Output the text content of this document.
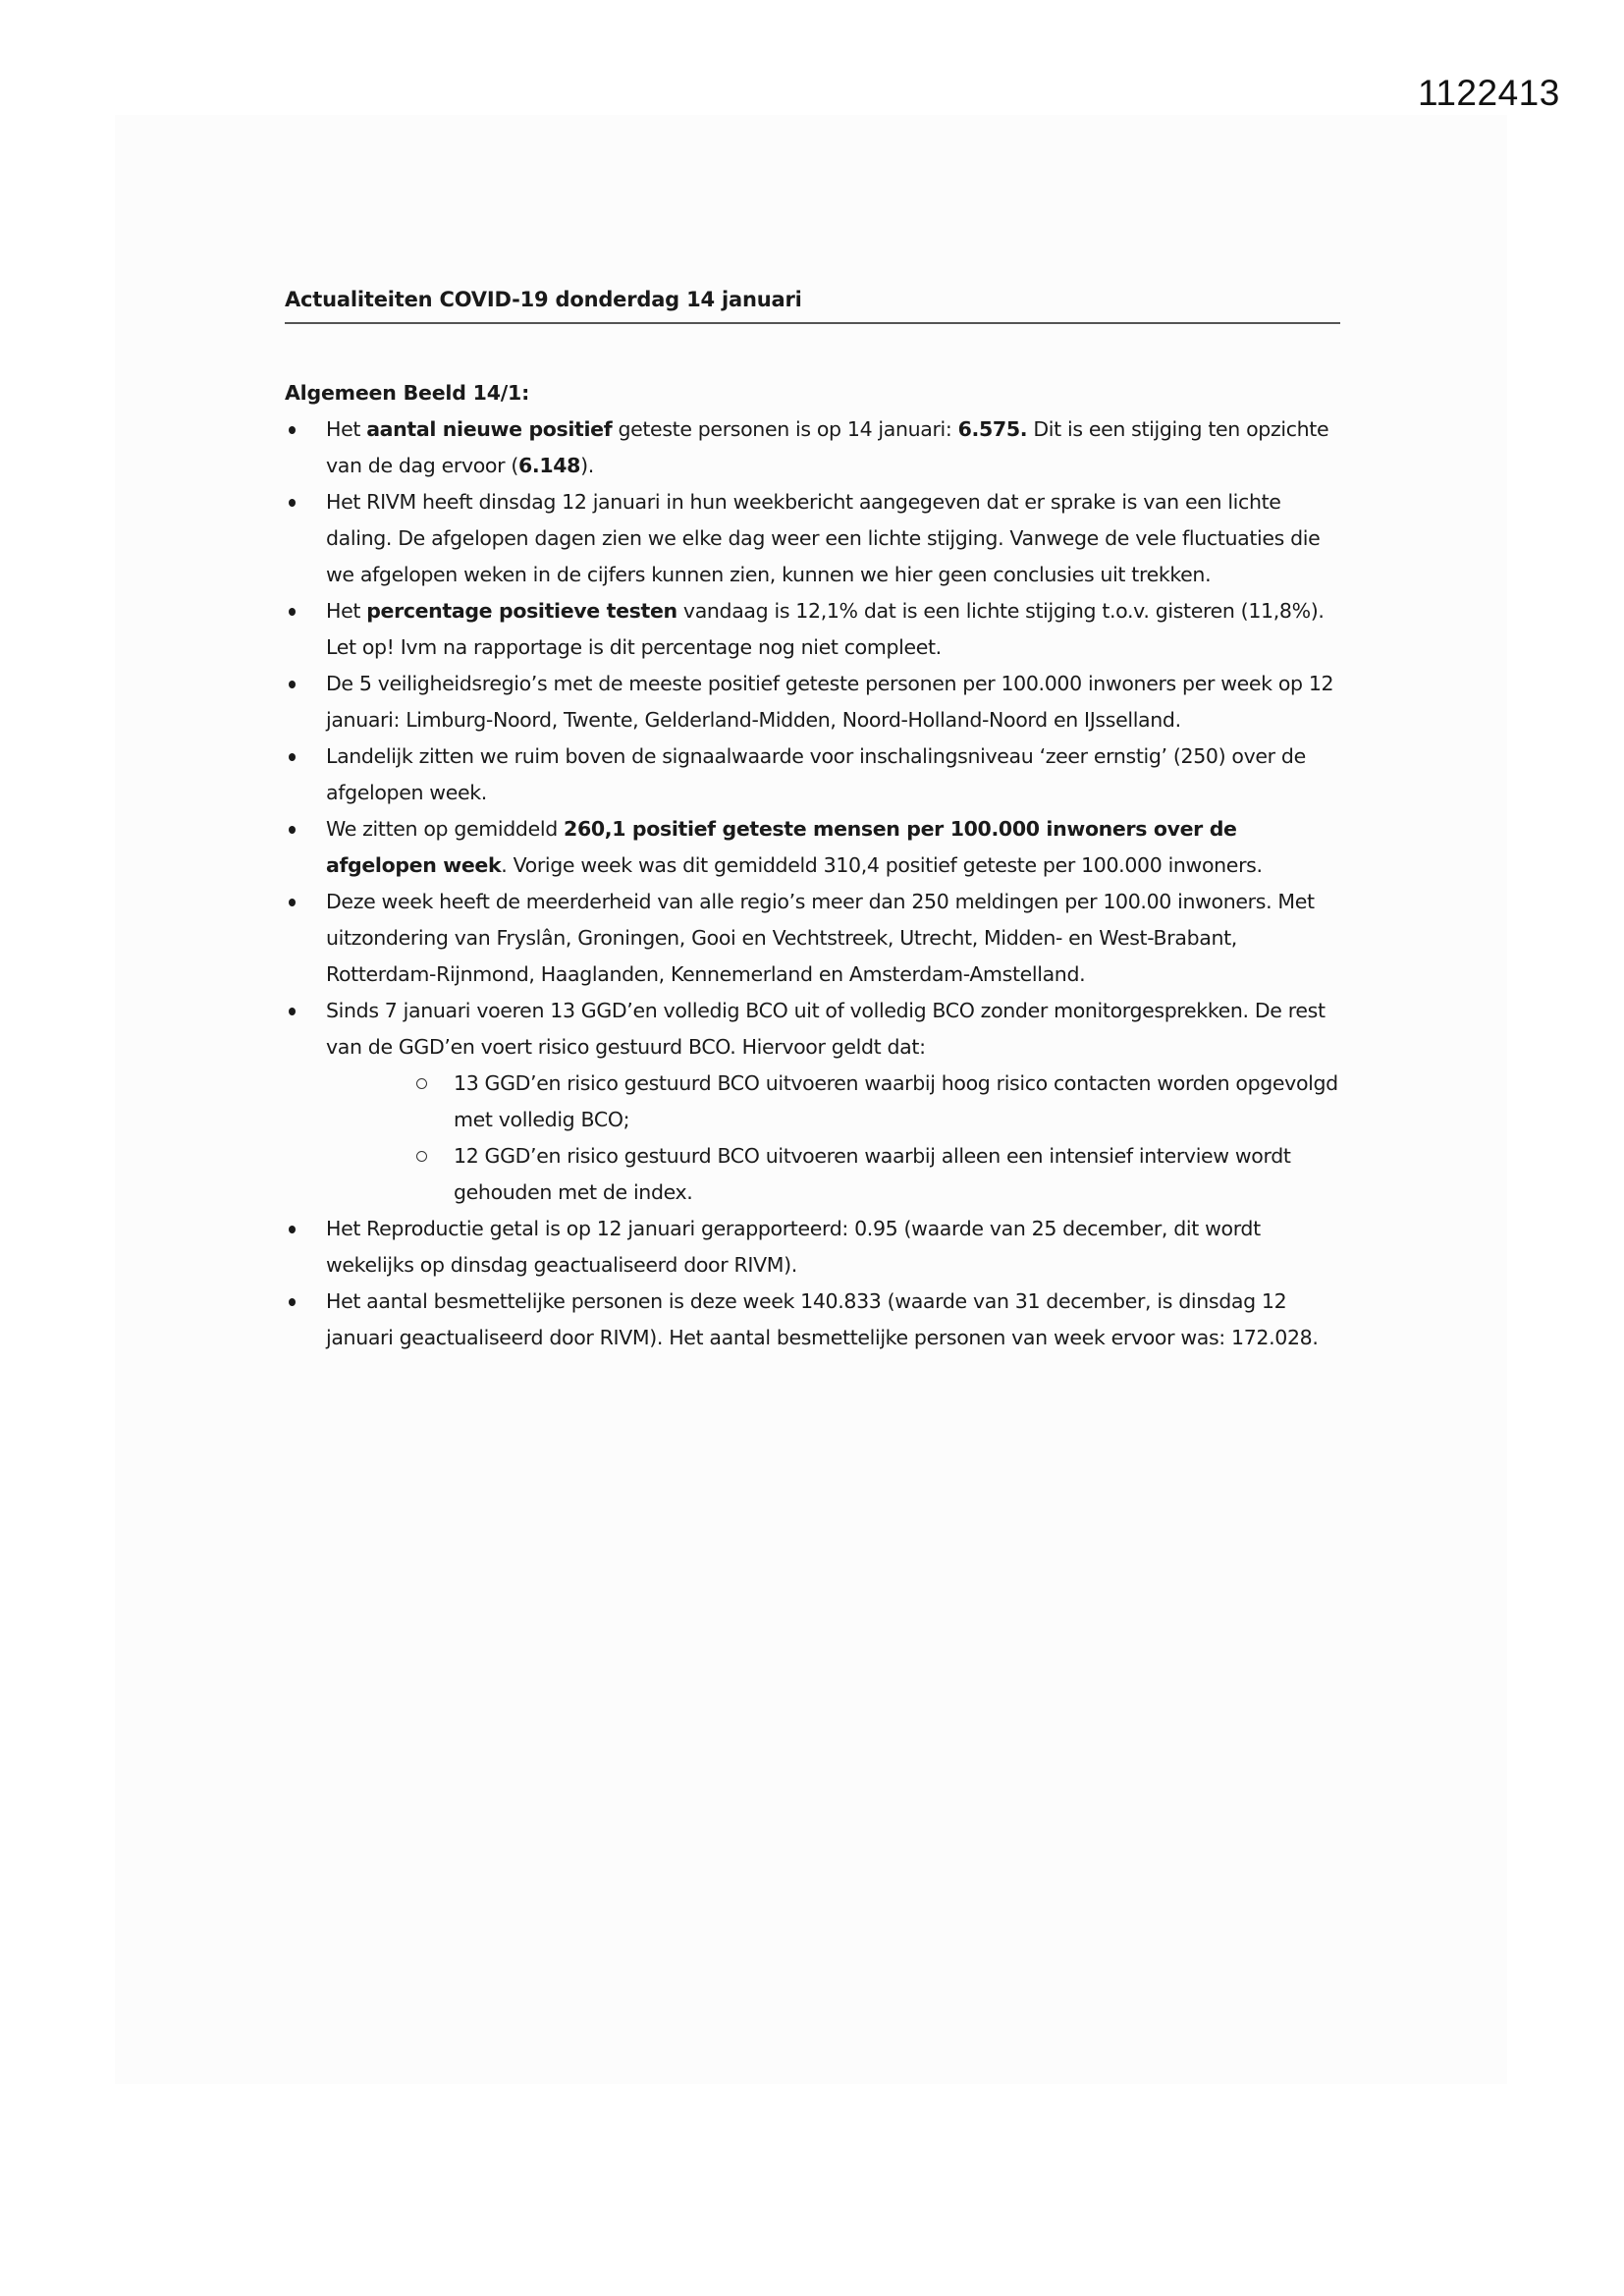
1122413
Actualiteiten COVID-19 donderdag 14 januari
Algemeen Beeld 14/1:
Het aantal nieuwe positief geteste personen is op 14 januari: 6.575. Dit is een stijging ten opzichte van de dag ervoor (6.148).
Het RIVM heeft dinsdag 12 januari in hun weekbericht aangegeven dat er sprake is van een lichte daling. De afgelopen dagen zien we elke dag weer een lichte stijging. Vanwege de vele fluctuaties die we afgelopen weken in de cijfers kunnen zien, kunnen we hier geen conclusies uit trekken.
Het percentage positieve testen vandaag is 12,1% dat is een lichte stijging t.o.v. gisteren (11,8%). Let op! Ivm na rapportage is dit percentage nog niet compleet.
De 5 veiligheidsregio’s met de meeste positief geteste personen per 100.000 inwoners per week op 12 januari: Limburg-Noord, Twente, Gelderland-Midden, Noord-Holland-Noord en IJsselland.
Landelijk zitten we ruim boven de signaalwaarde voor inschalingsniveau ‘zeer ernstig’ (250) over de afgelopen week.
We zitten op gemiddeld 260,1 positief geteste mensen per 100.000 inwoners over de afgelopen week. Vorige week was dit gemiddeld 310,4 positief geteste per 100.000 inwoners.
Deze week heeft de meerderheid van alle regio’s meer dan 250 meldingen per 100.00 inwoners. Met uitzondering van Fryslân, Groningen, Gooi en Vechtstreek, Utrecht, Midden- en West-Brabant, Rotterdam-Rijnmond, Haaglanden, Kennemerland en Amsterdam-Amstelland.
Sinds 7 januari voeren 13 GGD’en volledig BCO uit of volledig BCO zonder monitorgesprekken. De rest van de GGD’en voert risico gestuurd BCO. Hiervoor geldt dat:
13 GGD’en risico gestuurd BCO uitvoeren waarbij hoog risico contacten worden opgevolgd met volledig BCO;
12 GGD’en risico gestuurd BCO uitvoeren waarbij alleen een intensief interview wordt gehouden met de index.
Het Reproductie getal is op 12 januari gerapporteerd: 0.95 (waarde van 25 december, dit wordt wekelijks op dinsdag geactualiseerd door RIVM).
Het aantal besmettelijke personen is deze week 140.833 (waarde van 31 december, is dinsdag 12 januari geactualiseerd door RIVM). Het aantal besmettelijke personen van week ervoor was: 172.028.
